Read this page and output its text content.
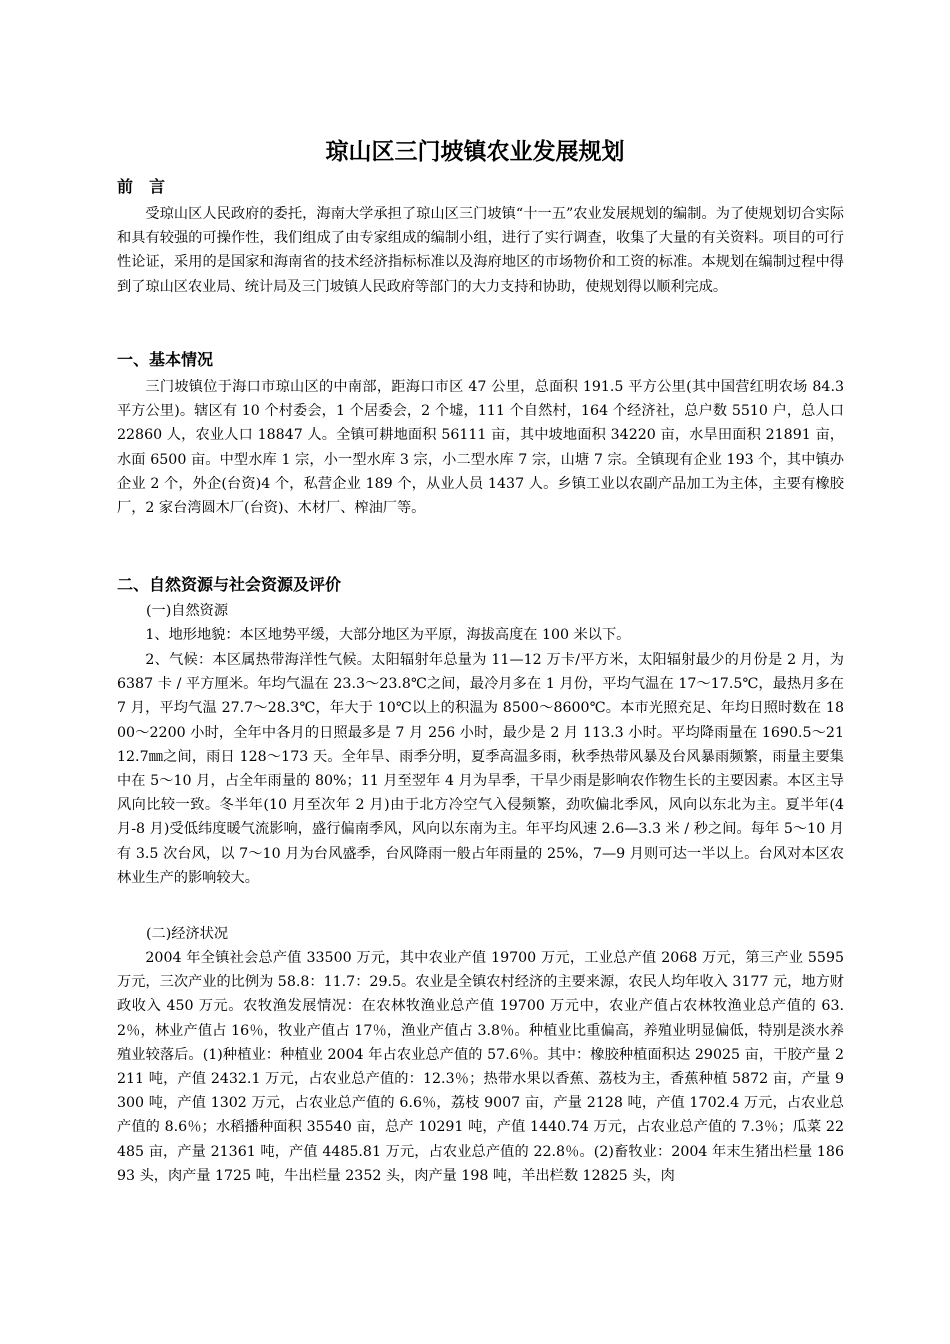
琼山区三门坡镇农业发展规划
前　言

受琼山区人民政府的委托，海南大学承担了琼山区三门坡镇“十一五”农业发展规划的编制。为了使规划切合实际和具有较强的可操作性，我们组成了由专家组成的编制小组，进行了实行调查，收集了大量的有关资料。项目的可行性论证，采用的是国家和海南省的技术经济指标标准以及海府地区的市场物价和工资的标准。本规划在编制过程中得到了琼山区农业局、统计局及三门坡镇人民政府等部门的大力支持和协助，使规划得以顺利完成。

一、基本情况

三门坡镇位于海口市琼山区的中南部，距海口市区 47 公里，总面积 191.5 平方公里(其中国营红明农场 84.3 平方公里)。辖区有 10 个村委会，1 个居委会，2 个墟，111 个自然村，164 个经济社，总户数 5510 户，总人口 22860 人，农业人口 18847 人。全镇可耕地面积 56111 亩，其中坡地面积 34220 亩，水旱田面积 21891 亩，水面 6500 亩。中型水库 1 宗，小一型水库 3 宗，小二型水库 7 宗，山塘 7 宗。全镇现有企业 193 个，其中镇办企业 2 个，外企(台资)4 个，私营企业 189 个，从业人员 1437 人。乡镇工业以农副产品加工为主体，主要有橡胶厂，2 家台湾圆木厂(台资)、木材厂、榨油厂等。

二、自然资源与社会资源及评价
(一)自然资源

1、地形地貌：本区地势平缓，大部分地区为平原，海拔高度在 100 米以下。

2、气候：本区属热带海洋性气候。太阳辐射年总量为 11—12 万卡/平方米，太阳辐射最少的月份是 2 月，为 6387 卡 / 平方厘米。年均气温在 23.3～23.8℃之间，最冷月多在 1 月份，平均气温在 17～17.5℃，最热月多在 7 月，平均气温 27.7～28.3℃，年大于 10℃以上的积温为 8500～8600℃。本市光照充足、年均日照时数在 1800～2200 小时，全年中各月的日照最多是 7 月 256 小时，最少是 2 月 113.3 小时。平均降雨量在 1690.5～2112.7㎜之间，雨日 128～173 天。全年旱、雨季分明，夏季高温多雨，秋季热带风暴及台风暴雨频繁，雨量主要集中在 5～10 月，占全年雨量的 80%；11 月至翌年 4 月为旱季，干旱少雨是影响农作物生长的主要因素。本区主导风向比较一致。冬半年(10 月至次年 2 月)由于北方冷空气入侵频繁，劲吹偏北季风，风向以东北为主。夏半年(4 月-8 月)受低纬度暖气流影响，盛行偏南季风，风向以东南为主。年平均风速 2.6—3.3 米 / 秒之间。每年 5～10 月有 3.5 次台风，以 7～10 月为台风盛季，台风降雨一般占年雨量的 25%，7—9 月则可达一半以上。台风对本区农林业生产的影响较大。

(二)经济状况

2004 年全镇社会总产值 33500 万元，其中农业产值 19700 万元，工业总产值 2068 万元，第三产业 5595 万元，三次产业的比例为 58.8：11.7：29.5。农业是全镇农村经济的主要来源，农民人均年收入 3177 元，地方财政收入 450 万元。农牧渔发展情况：在农林牧渔业总产值 19700 万元中，农业产值占农林牧渔业总产值的 63.2％，林业产值占 16％，牧业产值占 17％，渔业产值占 3.8％。种植业比重偏高，养殖业明显偏低，特别是淡水养殖业较落后。(1)种植业：种植业 2004 年占农业总产值的 57.6％。其中：橡胶种植面积达 29025 亩，干胶产量 2211 吨，产值 2432.1 万元，占农业总产值的：12.3％；热带水果以香蕉、荔枝为主，香蕉种植 5872 亩，产量 9300 吨，产值 1302 万元，占农业总产值的 6.6％，荔枝 9007 亩，产量 2128 吨，产值 1702.4 万元，占农业总产值的 8.6％；水稻播种面积 35540 亩，总产 10291 吨，产值 1440.74 万元，占农业总产值的 7.3％；瓜菜 22485 亩，产量 21361 吨，产值 4485.81 万元，占农业总产值的 22.8％。(2)畜牧业：2004 年末生猪出栏量 18693 头，肉产量 1725 吨，牛出栏量 2352 头，肉产量 198 吨，羊出栏数 12825 头，肉
